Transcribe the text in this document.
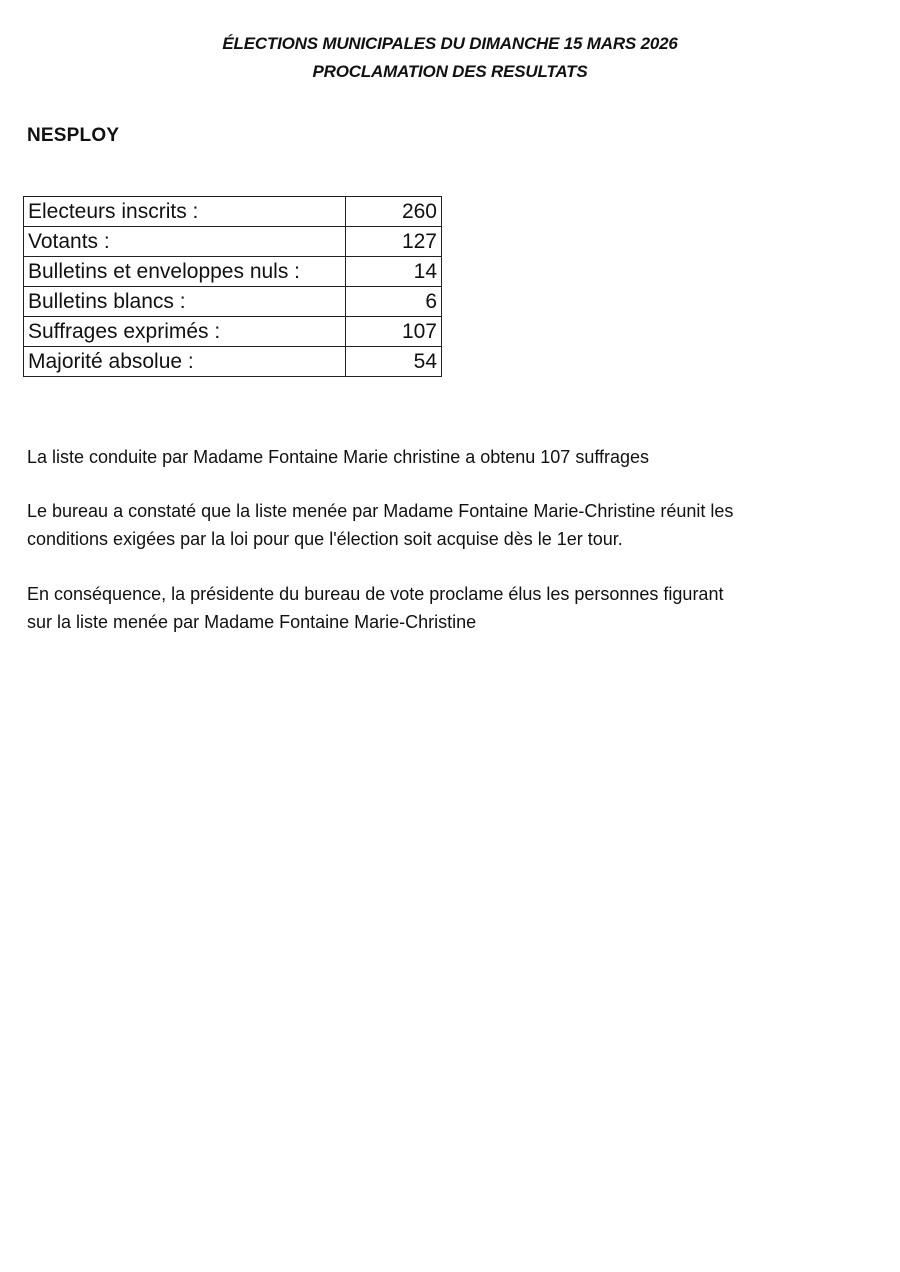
ÉLECTIONS MUNICIPALES DU DIMANCHE 15 MARS 2026
PROCLAMATION DES RESULTATS
NESPLOY
Electeurs inscrits :	260
Votants :	127
Bulletins et enveloppes nuls :	14
Bulletins blancs :	6
Suffrages exprimés :	107
Majorité absolue :	54
La liste conduite par Madame Fontaine Marie christine a obtenu 107 suffrages
Le bureau a constaté que la liste menée par Madame Fontaine Marie-Christine réunit les
conditions exigées par la loi pour que l'élection soit acquise dès le 1er tour.
En conséquence, la présidente du bureau de vote proclame élus les personnes figurant
sur la liste menée par Madame Fontaine Marie-Christine
